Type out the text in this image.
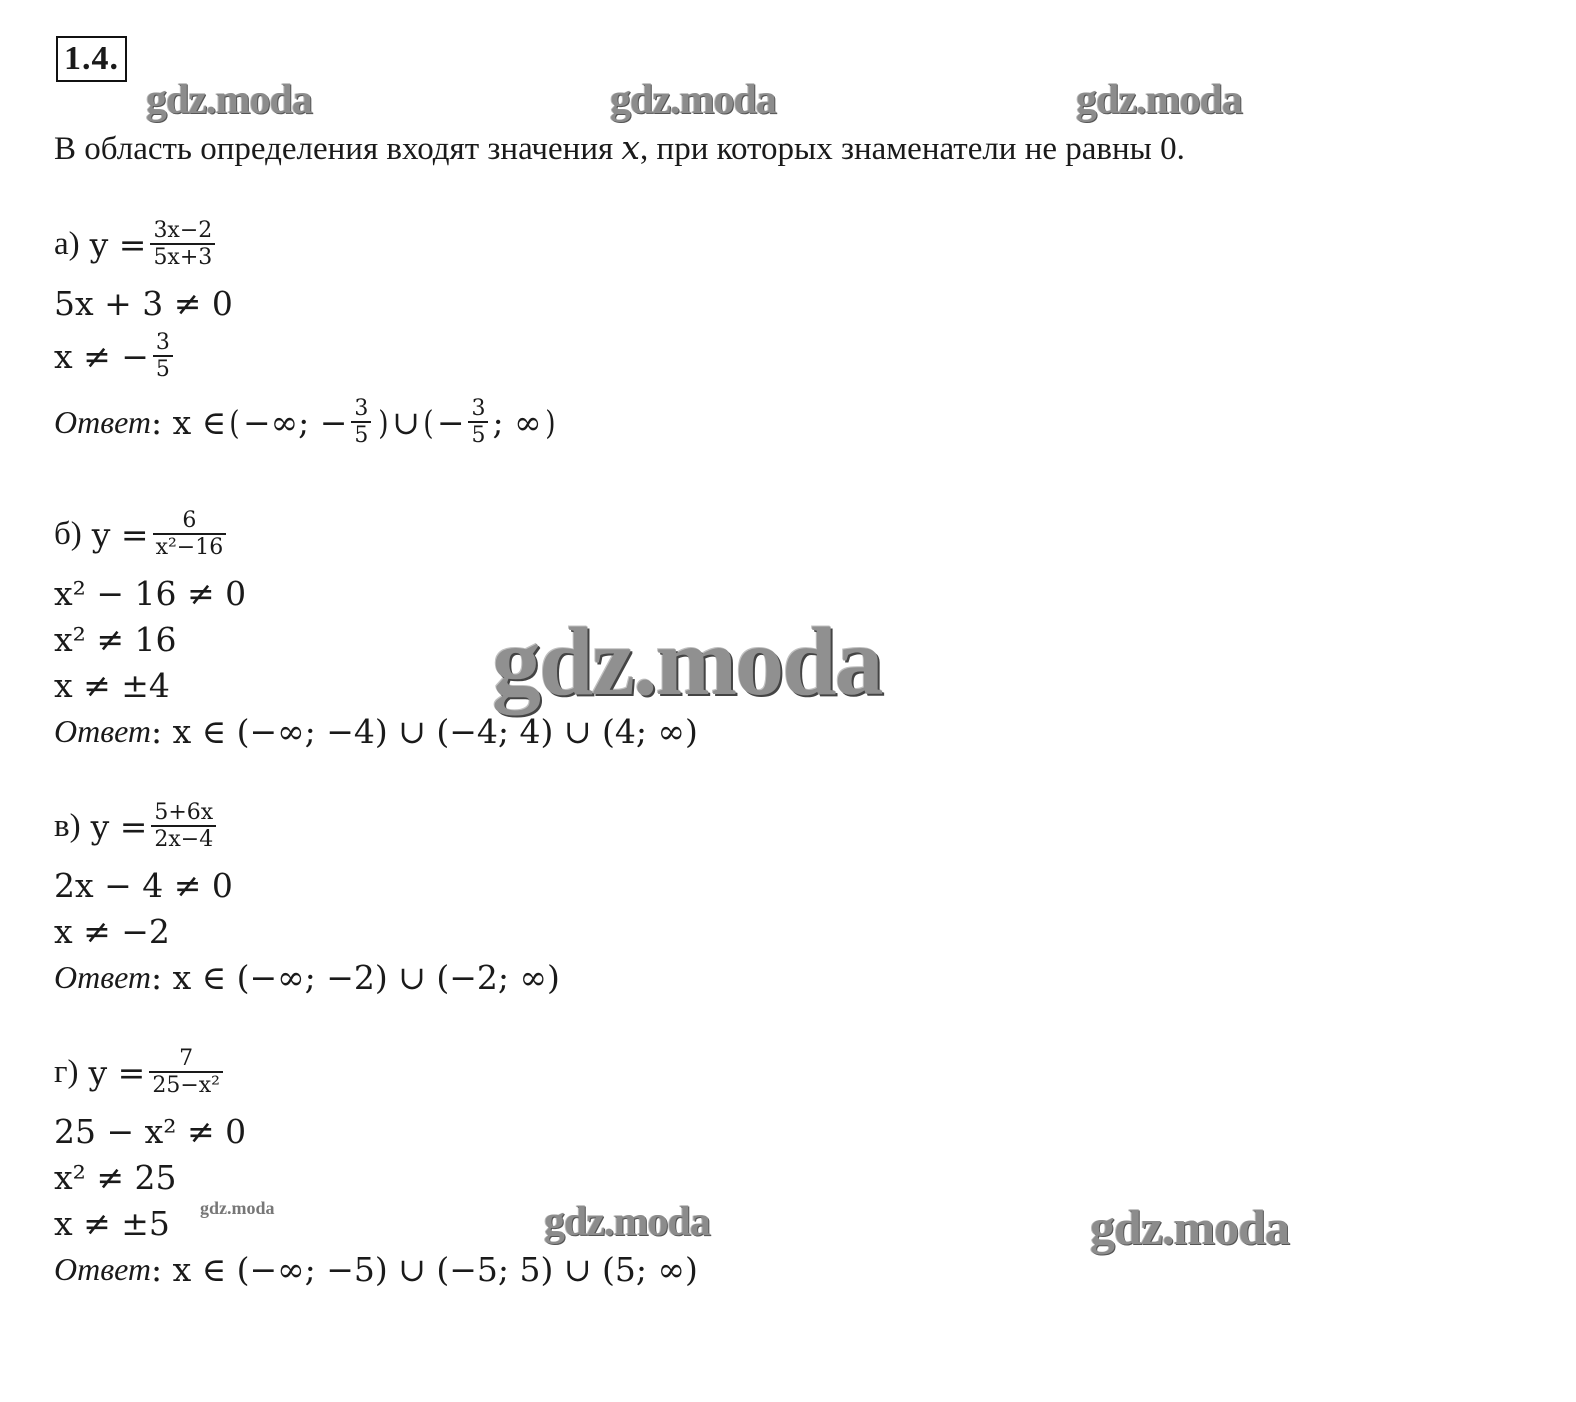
1.4.
gdz.moda	gdz.moda	gdz.moda
gdz.moda
gdz.moda	gdz.moda	gdz.moda
В область определения входят значения x, при которых знаменатели не равны 0.
а) $y = \frac{3x-2}{5x+3}$
5x + 3 ≠ 0
x ≠ − $\frac{3}{5}$
Ответ : x ∈ ( −∞; − $\frac{3}{5}$ ) ∪ ( − $\frac{3}{5}$ ; ∞ )
б) $y = \frac{6}{\text{x²−16}}$
x² − 16 ≠ 0
x² ≠ 16
x ≠ ±4
Ответ : x ∈ (−∞; −4) ∪ (−4; 4) ∪ (4; ∞)
в) $y = \frac{5+6x}{2x-4}$
2x − 4 ≠ 0
x ≠ −2
Ответ : x ∈ (−∞; −2) ∪ (−2; ∞)
г) $y = \frac{7}{\text{25−x²}}$
25 − x² ≠ 0
x² ≠ 25
x ≠ ±5
Ответ : x ∈ (−∞; −5) ∪ (−5; 5) ∪ (5; ∞)
